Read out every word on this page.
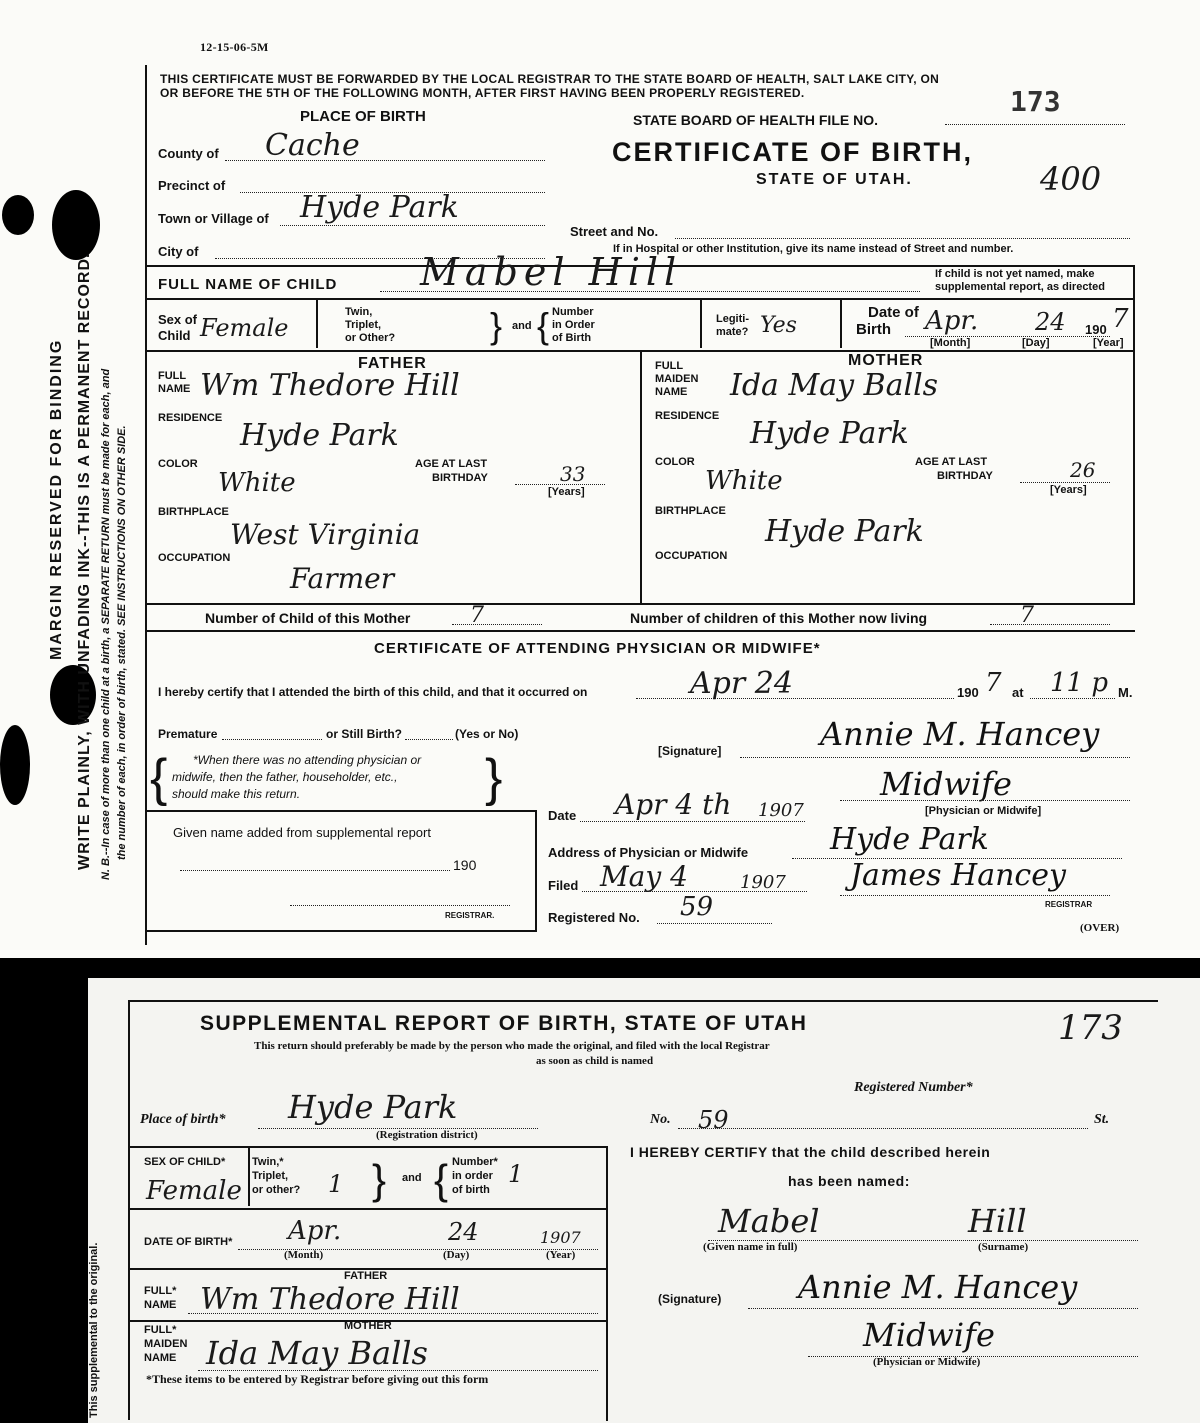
WRITE PLAINLY, WITH UNFADING INK--THIS IS A PERMANENT RECORD.
MARGIN RESERVED FOR BINDING	N. B.--In case of more than one child at a birth, a SEPARATE RETURN must be made for each, and the number of each, in order of birth, stated. SEE INSTRUCTIONS ON OTHER SIDE.
12-15-06-5M
THIS CERTIFICATE MUST BE FORWARDED BY THE LOCAL REGISTRAR TO THE STATE BOARD OF HEALTH, SALT LAKE CITY, ON
OR BEFORE THE 5TH OF THE FOLLOWING MONTH, AFTER FIRST HAVING BEEN PROPERLY REGISTERED.	173
PLACE OF BIRTH
County of Cache
Precinct of
Town or Village of Hyde Park
City of
STATE BOARD OF HEALTH FILE NO.
CERTIFICATE OF BIRTH,
STATE OF UTAH.	400
Street and No.
If in Hospital or other Institution, give its name instead of Street and number.
FULL NAME OF CHILD Mabel Hill	If child is not yet named, make
supplemental report, as directed
Sex of
Child Female
Twin,
Triplet,
or Other?	} and { Number
in Order
of Birth
Legiti-
mate? Yes
Date of
Birth Apr. 24 190 7
[Month]	[Day]	[Year]
FATHER
FULL
NAME Wm Thedore Hill
RESIDENCE Hyde Park
COLOR
White
AGE AT LAST
BIRTHDAY	33
[Years]
BIRTHPLACE
West Virginia
OCCUPATION
Farmer
MOTHER
FULL
MAIDEN
NAME Ida May Balls
RESIDENCE Hyde Park
COLOR
White
AGE AT LAST
BIRTHDAY	26
[Years]
BIRTHPLACE
Hyde Park
OCCUPATION
Number of Child of this Mother	7	Number of children of this Mother now living	7
CERTIFICATE OF ATTENDING PHYSICIAN OR MIDWIFE*
I hereby certify that I attended the birth of this child, and that it occurred on	Apr 24	190 7 at 11 p M.
Premature	or Still Birth?	(Yes or No)
[Signature]	Annie M. Hancey
Midwife
[Physician or Midwife]
{ *When there was no attending physician or
midwife, then the father, householder, etc.,
should make this return.	}
Given name added from supplemental report
190
REGISTRAR.
Date Apr 4 th 1907
Address of Physician or Midwife	Hyde Park
Filed May 4	1907 James Hancey
REGISTRAR
Registered No. 59
(OVER)
This supplemental to the original.
SUPPLEMENTAL REPORT OF BIRTH, STATE OF UTAH	173
This return should preferably be made by the person who made the original, and filed with the local Registrar
as soon as child is named
Registered Number*
Place of birth* Hyde Park
(Registration district)
No. 59	St.
SEX OF CHILD*
Female
Twin,*
Triplet,
or other? 1 } and { Number*
in order
of birth
1
I HEREBY CERTIFY that the child described herein
has been named:
DATE OF BIRTH* Apr.	24	1907
(Month)	(Day)	(Year)
Mabel	Hill
(Given name in full)	(Surname)
FATHER
FULL*
NAME Wm Thedore Hill
MOTHER
FULL*
MAIDEN
NAME Ida May Balls
*These items to be entered by Registrar before giving out this form
(Signature) Annie M. Hancey
Midwife
(Physician or Midwife)
